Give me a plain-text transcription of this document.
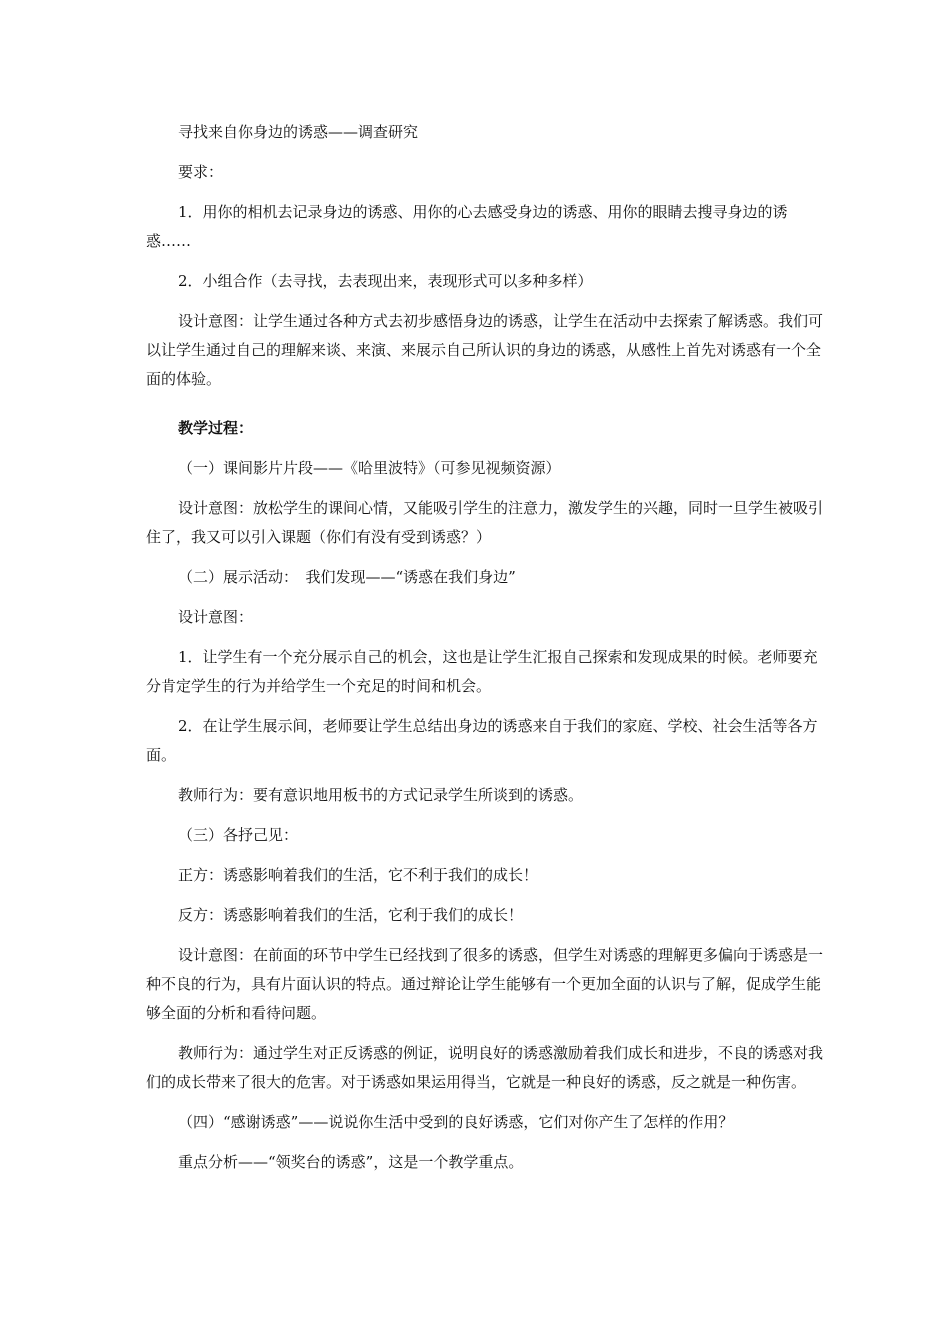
寻找来自你身边的诱惑——调查研究

要求：

1．用你的相机去记录身边的诱惑、用你的心去感受身边的诱惑、用你的眼睛去搜寻身边的诱惑……

2．小组合作（去寻找，去表现出来，表现形式可以多种多样）

设计意图：让学生通过各种方式去初步感悟身边的诱惑，让学生在活动中去探索了解诱惑。我们可以让学生通过自己的理解来谈、来演、来展示自己所认识的身边的诱惑，从感性上首先对诱惑有一个全面的体验。

教学过程：

（一）课间影片片段——《哈里波特》（可参见视频资源）

设计意图：放松学生的课间心情，又能吸引学生的注意力，激发学生的兴趣，同时一旦学生被吸引住了，我又可以引入课题（你们有没有受到诱惑？）

（二）展示活动：　我们发现——“诱惑在我们身边”

设计意图：

1．让学生有一个充分展示自己的机会，这也是让学生汇报自己探索和发现成果的时候。老师要充分肯定学生的行为并给学生一个充足的时间和机会。

2．在让学生展示间，老师要让学生总结出身边的诱惑来自于我们的家庭、学校、社会生活等各方面。

教师行为：要有意识地用板书的方式记录学生所谈到的诱惑。

（三）各抒己见：

正方：诱惑影响着我们的生活，它不利于我们的成长！

反方：诱惑影响着我们的生活，它利于我们的成长！

设计意图：在前面的环节中学生已经找到了很多的诱惑，但学生对诱惑的理解更多偏向于诱惑是一种不良的行为，具有片面认识的特点。通过辩论让学生能够有一个更加全面的认识与了解，促成学生能够全面的分析和看待问题。

教师行为：通过学生对正反诱惑的例证，说明良好的诱惑激励着我们成长和进步，不良的诱惑对我们的成长带来了很大的危害。对于诱惑如果运用得当，它就是一种良好的诱惑，反之就是一种伤害。

（四）“感谢诱惑”——说说你生活中受到的良好诱惑，它们对你产生了怎样的作用？

重点分析——“领奖台的诱惑”，这是一个教学重点。
